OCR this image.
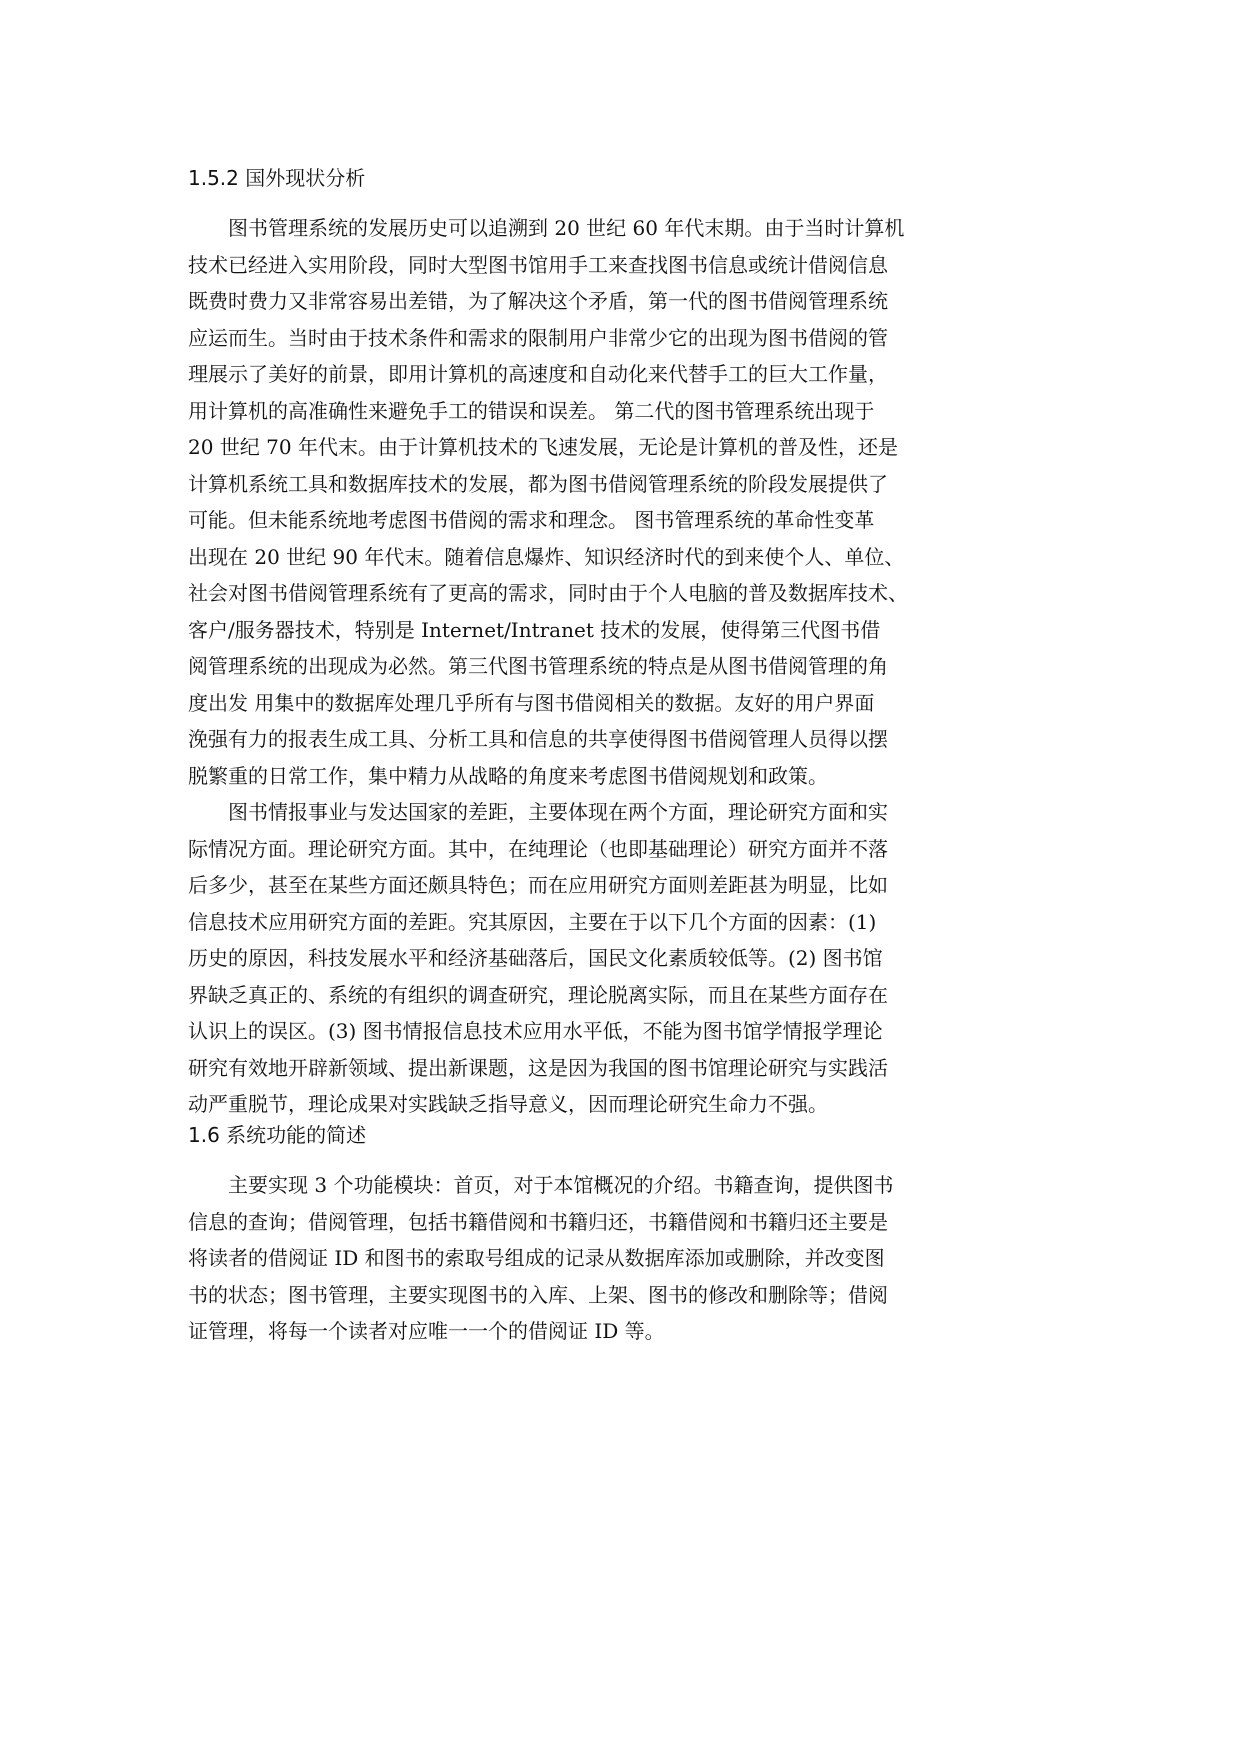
1.5.2 国外现状分析
图书管理系统的发展历史可以追溯到 20 世纪 60 年代末期。由于当时计算机
技术已经进入实用阶段，同时大型图书馆用手工来查找图书信息或统计借阅信息
既费时费力又非常容易出差错，为了解决这个矛盾，第一代的图书借阅管理系统
应运而生。当时由于技术条件和需求的限制用户非常少它的出现为图书借阅的管
理展示了美好的前景，即用计算机的高速度和自动化来代替手工的巨大工作量，
用计算机的高准确性来避免手工的错误和误差。 第二代的图书管理系统出现于
20 世纪 70 年代末。由于计算机技术的飞速发展，无论是计算机的普及性，还是
计算机系统工具和数据库技术的发展，都为图书借阅管理系统的阶段发展提供了
可能。但未能系统地考虑图书借阅的需求和理念。 图书管理系统的革命性变革
出现在 20 世纪 90 年代末。随着信息爆炸、知识经济时代的到来使个人、单位、
社会对图书借阅管理系统有了更高的需求，同时由于个人电脑的普及数据库技术、
客户/服务器技术，特别是 Internet/Intranet 技术的发展，使得第三代图书借
阅管理系统的出现成为必然。第三代图书管理系统的特点是从图书借阅管理的角
度出发 用集中的数据库处理几乎所有与图书借阅相关的数据。友好的用户界面
浼强有力的报表生成工具、分析工具和信息的共享使得图书借阅管理人员得以摆
脱繁重的日常工作，集中精力从战略的角度来考虑图书借阅规划和政策。
图书情报事业与发达国家的差距，主要体现在两个方面，理论研究方面和实
际情况方面。理论研究方面。其中，在纯理论（也即基础理论）研究方面并不落
后多少，甚至在某些方面还颇具特色；而在应用研究方面则差距甚为明显，比如
信息技术应用研究方面的差距。究其原因，主要在于以下几个方面的因素：(1)
历史的原因，科技发展水平和经济基础落后，国民文化素质较低等。(2) 图书馆
界缺乏真正的、系统的有组织的调查研究，理论脱离实际，而且在某些方面存在
认识上的误区。(3) 图书情报信息技术应用水平低，不能为图书馆学情报学理论
研究有效地开辟新领域、提出新课题，这是因为我国的图书馆理论研究与实践活
动严重脱节，理论成果对实践缺乏指导意义，因而理论研究生命力不强。
1.6 系统功能的简述
主要实现 3 个功能模块：首页，对于本馆概况的介绍。书籍查询，提供图书
信息的查询；借阅管理，包括书籍借阅和书籍归还，书籍借阅和书籍归还主要是
将读者的借阅证 ID 和图书的索取号组成的记录从数据库添加或删除，并改变图
书的状态；图书管理，主要实现图书的入库、上架、图书的修改和删除等；借阅
证管理，将每一个读者对应唯一一个的借阅证 ID 等。
